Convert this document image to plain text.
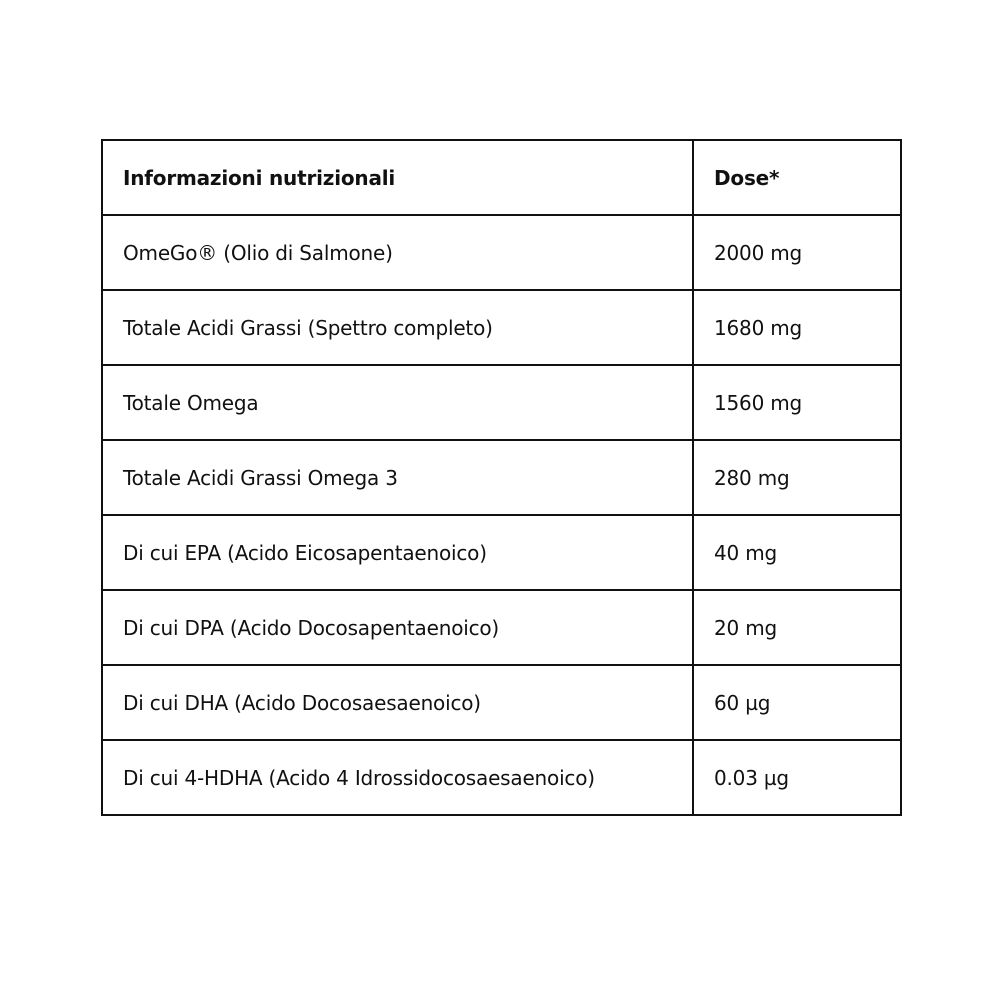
Informazioni nutrizionali	Dose*
OmeGo® (Olio di Salmone)	2000 mg
Totale Acidi Grassi (Spettro completo)	1680 mg
Totale Omega	1560 mg
Totale Acidi Grassi Omega 3	280 mg
Di cui EPA (Acido Eicosapentaenoico)	40 mg
Di cui DPA (Acido Docosapentaenoico)	20 mg
Di cui DHA (Acido Docosaesaenoico)	60 µg
Di cui 4-HDHA (Acido 4 Idrossidocosaesaenoico)	0.03 µg
